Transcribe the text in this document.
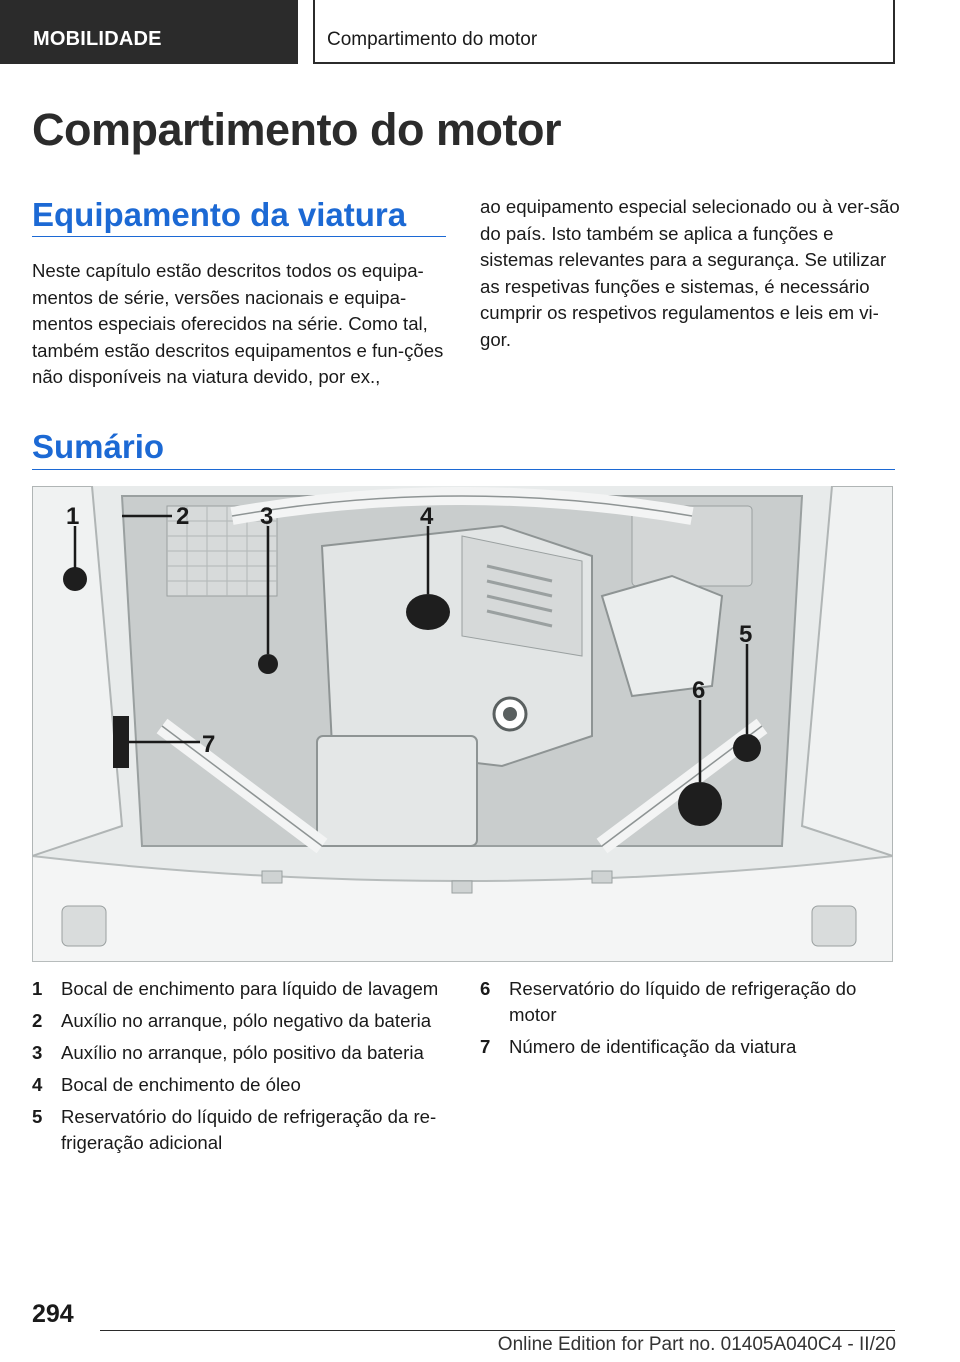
MOBILIDADE	Compartimento do motor
Compartimento do motor
Equipamento da viatura

Neste capítulo estão descritos todos os equipa-mentos de série, versões nacionais e equipa-mentos especiais oferecidos na série. Como tal, também estão descritos equipamentos e fun-ções não disponíveis na viatura devido, por ex.,

ao equipamento especial selecionado ou à ver-são do país. Isto também se aplica a funções e sistemas relevantes para a segurança. Se utilizar as respetivas funções e sistemas, é necessário cumprir os respetivos regulamentos e leis em vi-gor.

Sumário
1	2	3	4
5
6
7
1 Bocal de enchimento para líquido de lavagem
2 Auxílio no arranque, pólo negativo da bateria
3 Auxílio no arranque, pólo positivo da bateria
4 Bocal de enchimento de óleo
5 Reservatório do líquido de refrigeração da re-frigeração adicional
6 Reservatório do líquido de refrigeração do motor
7 Número de identificação da viatura
294
Online Edition for Part no. 01405A040C4 - II/20
